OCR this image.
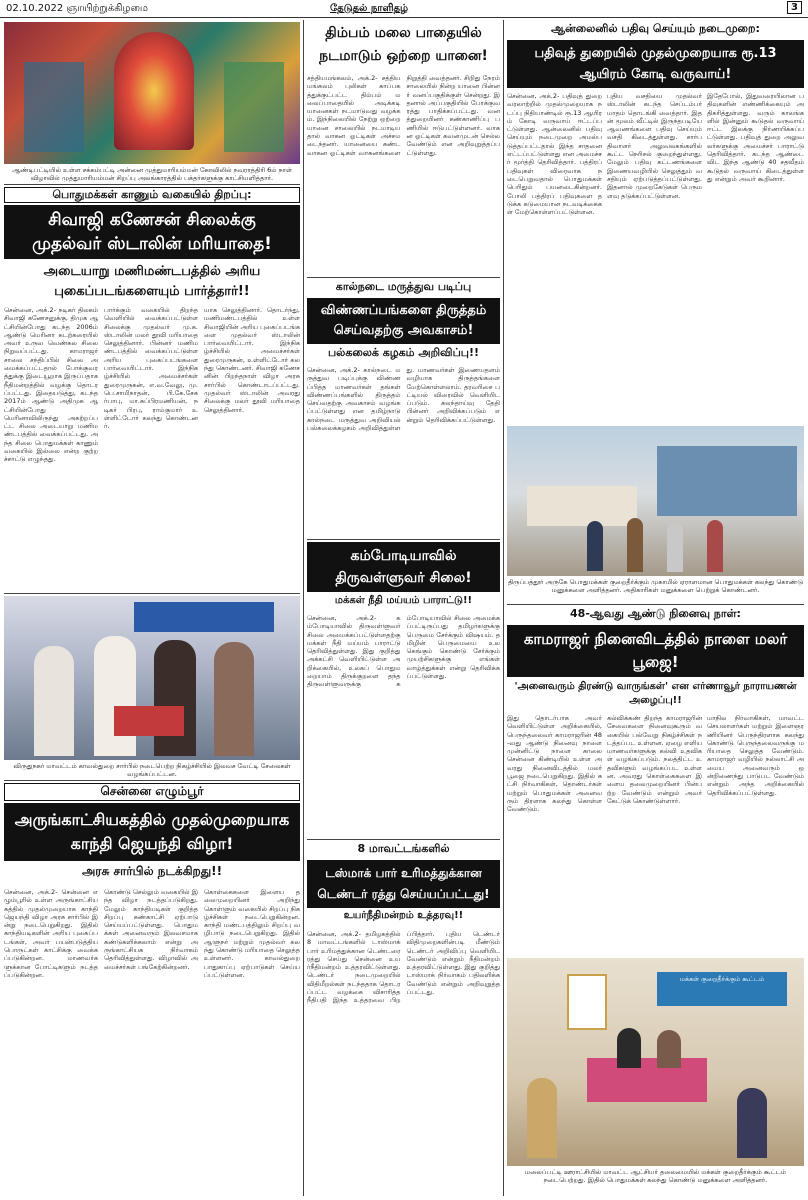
02.10.2022 ஞாயிற்றுக்கிழமை	தேடுதல் நாளிதழ்	3
ஆண்டிபட்டியில் உள்ள சக்கம்பட்டி அன்னை முத்துமாரியம்மன் கோவிலில் நவராத்திரி 6ம் நாள் விழாவில் முத்துமாரியம்மன் சிறப்பு அலங்காரத்தில் பக்தர்களுக்கு காட்சியளித்தார்.
பொதுமக்கள் காணும் வகையில் திறப்பு:
சிவாஜி கணேசன் சிலைக்கு முதல்வர் ஸ்டாலின் மரியாதை!
அடையாறு மணிமண்டபத்தில் அரிய புகைப்படங்களையும் பார்த்தார்!!
சென்னை, அக்.2- நடிகர் திலகம் சிவாஜி கணேசனுக்கு, திமுக ஆட்சியின்போது கடந்த 2006ம் ஆண்டு மெரினா கடற்கரையில் அவர் உருவ வெண்கல சிலை நிறுவப்பட்டது. காமராஜர் சாலை சந்திப்பில் சிலை அமைக்கப்பட்டதால் போக்குவரத்துக்கு இடையூறாக இருப்பதாக நீதிமன்றத்தில் வழக்கு தொடரப்பட்டது. இதையடுத்து, கடந்த 2017ம் ஆண்டு அதிமுக ஆட்சியின்போது மெரினாவிலிருந்து அகற்றப்பட்ட சிலை அடையாறு மணிமண்டபத்தில் வைக்கப்பட்டது. அந்த சிலை பொதுமக்கள் காணும் வகையில் இல்லை என்ற குற்றச்சாட்டு எழுந்தது.
பார்க்கும் வகையில் திறந்த வெளியில் வைக்கப்பட்டுள்ள சிலைக்கு முதல்வர் மு.க.ஸ்டாலின் மலர் தூவி மரியாதை செலுத்தினார். பின்னர் மணிமண்டபத்தில் வைக்கப்பட்டுள்ள அரிய புகைப்படங்களை பார்வையிட்டார். இந்நிகழ்ச்சியில் அமைச்சர்கள் துரைமுருகன், எ.வ.வேலு, மு.பெ.சாமிநாதன், பி.கே.சேகர்பாபு, மா.சுப்பிரமணியன், நடிகர் பிரபு, ராம்குமார் உள்ளிட்டோர் கலந்து கொண்டனர்.
யாக செலுத்தினார். தொடர்ந்து, மணிமண்டபத்தில் உள்ள சிவாஜியின் அரிய புகைப்படங்களை முதல்வர் ஸ்டாலின் பார்வையிட்டார். இந்நிகழ்ச்சியில் அமைச்சர்கள் துரைமுருகன், உள்ளிட்டோர் கலந்து கொண்டனர். சிவாஜி கணேசனின் பிறந்தநாள் விழா அரசு சார்பில் கொண்டாடப்பட்டது. முதல்வர் ஸ்டாலின் அவரது சிலைக்கு மலர் தூவி மரியாதை செலுத்தினார்.
விருதுநகர் மாவட்டம் காவல்துறை சார்பில் நடைபெற்ற நிகழ்ச்சியில் இலவச வேட்டி சேலைகள் வழங்கப்பட்டன.
சென்னை எழும்பூர்
அருங்காட்சியகத்தில் முதல்முறையாக காந்தி ஜெயந்தி விழா!
அரசு சார்பில் நடக்கிறது!!
சென்னை, அக்.2- சென்னை எழும்பூரில் உள்ள அருங்காட்சியகத்தில் முதல்முறையாக காந்தி ஜெயந்தி விழா அரசு சார்பில் இன்று நடைபெறுகிறது. இதில் காந்தியடிகளின் அரிய புகைப்படங்கள், அவர் பயன்படுத்திய பொருட்கள் காட்சிக்கு வைக்கப்படுகின்றன. மாணவர்களுக்கான போட்டிகளும் நடத்தப்படுகின்றன.
கொண்டு செல்லும் வகையில் இந்த விழா நடத்தப்படுகிறது. மேலும் காந்தியடிகள் குறித்த சிறப்பு கண்காட்சி ஏற்பாடு செய்யப்பட்டுள்ளது. பொதுமக்கள் அனைவரும் இலவசமாக கண்டுகளிக்கலாம் என்று அருங்காட்சியக நிர்வாகம் தெரிவித்துள்ளது. விழாவில் அமைச்சர்கள் பங்கேற்கின்றனர்.
கொள்கைகளை இளைய தலைமுறையினர் அறிந்து கொள்ளும் வகையில் சிறப்பு நிகழ்ச்சிகள் நடைபெறுகின்றன. காந்தி மண்டபத்திலும் சிறப்பு வழிபாடு நடைபெறுகிறது. இதில் ஆளுநர் மற்றும் முதல்வர் கலந்து கொண்டு மரியாதை செலுத்த உள்ளனர். காவல்துறை பாதுகாப்பு ஏற்பாடுகள் செய்யப்பட்டுள்ளன.
திம்பம் மலை பாதையில் நடமாடும் ஒற்றை யானை!
சத்தியமங்கலம், அக்.2- சத்தியமங்கலம் புலிகள் காப்பகத்துக்குட்பட்ட திம்பம் மலைப்பாதையில் அடிக்கடி யானைகள் நடமாடுவது வழக்கம். இந்நிலையில் நேற்று ஒற்றை யானை சாலையில் நடமாடியதால் வாகன ஓட்டிகள் அச்சமடைந்தனர். யானையை கண்ட வாகன ஓட்டிகள் வாகனங்களை நிறுத்தி வைத்தனர். சிறிது நேரம் சாலையில் நின்ற யானை பின்னர் வனப்பகுதிக்குள் சென்றது. இதனால் அப்பகுதியில் போக்குவரத்து பாதிக்கப்பட்டது. வனத்துறையினர் கண்காணிப்பு பணியில் ஈடுபட்டுள்ளனர். வாகன ஓட்டிகள் கவனமுடன் செல்ல வேண்டும் என அறிவுறுத்தப்பட்டுள்ளது.
கால்நடை மருத்துவ படிப்பு
விண்ணப்பங்களை திருத்தம் செய்வதற்கு அவகாசம்!
பல்கலைக் கழகம் அறிவிப்பு!!
சென்னை, அக்.2- கால்நடை மருத்துவ படிப்புக்கு விண்ணப்பித்த மாணவர்கள் தங்கள் விண்ணப்பங்களில் திருத்தம் செய்வதற்கு அவகாசம் வழங்கப்பட்டுள்ளது என தமிழ்நாடு கால்நடை மருத்துவ அறிவியல் பல்கலைக்கழகம் அறிவித்துள்ளது. மாணவர்கள் இணையதளம் வழியாக திருத்தங்களை மேற்கொள்ளலாம். தரவரிசை பட்டியல் விரைவில் வெளியிடப்படும். கலந்தாய்வு தேதி பின்னர் அறிவிக்கப்படும் என்றும் தெரிவிக்கப்பட்டுள்ளது.
கம்போடியாவில் திருவள்ளுவர் சிலை!
மக்கள் நீதி மய்யம் பாராட்டு!!
சென்னை, அக்.2- கம்போடியாவில் திருவள்ளுவர் சிலை அமைக்கப்பட்டுள்ளதற்கு மக்கள் நீதி மய்யம் பாராட்டு தெரிவித்துள்ளது. இது குறித்து அக்கட்சி வெளியிட்டுள்ள அறிக்கையில், உலகப் பொதுமறையாம் திருக்குறளை தந்த திருவள்ளுவருக்கு கம்போடியாவில் சிலை அமைக்கப்பட்டிருப்பது தமிழர்களுக்கு பெருமை சேர்க்கும் விஷயம். தமிழின் பெருமையை உலகெங்கும் கொண்டு சேர்க்கும் முயற்சிகளுக்கு எங்கள் வாழ்த்துக்கள் என்று தெரிவிக்கப்பட்டுள்ளது.
8 மாவட்டங்களில்
டஸ்மாக் பார் உரிமத்துக்கான டெண்டர் ரத்து செய்யப்பட்டது!
உயர்நீதிமன்றம் உத்தரவு!!
சென்னை, அக்.2- தமிழகத்தில் 8 மாவட்டங்களில் டாஸ்மாக் பார் உரிமத்துக்கான டெண்டரை ரத்து செய்து சென்னை உயர்நீதிமன்றம் உத்தரவிட்டுள்ளது. டெண்டர் நடைமுறையில் விதிமீறல்கள் நடந்ததாக தொடரப்பட்ட வழக்கை விசாரித்த நீதிபதி இந்த உத்தரவை பிறப்பித்தார். புதிய டெண்டர் விதிமுறைகளின்படி மீண்டும் டெண்டர் அறிவிப்பு வெளியிட வேண்டும் என்றும் நீதிமன்றம் உத்தரவிட்டுள்ளது. இது குறித்து டாஸ்மாக் நிர்வாகம் பதிலளிக்க வேண்டும் என்றும் அறிவுறுத்தப்பட்டது.
ஆன்லைனில் பதிவு செய்யும் நடைமுறை:
பதிவுத் துறையில் முதல்முறையாக ரூ.13 ஆயிரம் கோடி வருவாய்!
சென்னை, அக்.2- பதிவுத் துறை வரலாற்றில் முதல்முறையாக நடப்பு நிதியாண்டில் ரூ.13 ஆயிரம் கோடி வருவாய் ஈட்டப்பட்டுள்ளது. ஆன்லைனில் பதிவு செய்யும் நடைமுறை அமல்படுத்தப்பட்டதால் இந்த சாதனை எட்டப்பட்டுள்ளது என அமைச்சர் மூர்த்தி தெரிவித்தார். பத்திரப் பதிவுகள் விரைவாக நடைபெறுவதால் பொதுமக்கள் பெரிதும் பயனடைகின்றனர். போலி பத்திரப் பதிவுகளை தடுக்க கடுமையான நடவடிக்கைகள் மேற்கொள்ளப்பட்டுள்ளன.
புதிய வசதியை முதல்வர் ஸ்டாலின் கடந்த செப்டம்பர் மாதம் தொடங்கி வைத்தார். இதன் மூலம் வீட்டில் இருந்தபடியே ஆவணங்களை பதிவு செய்யும் வசதி கிடைத்துள்ளது. சார்பதிவாளர் அலுவலகங்களில் கூட்ட நெரிசல் குறைந்துள்ளது. மேலும் பதிவு கட்டணங்களை இணையவழியில் செலுத்தும் வசதியும் ஏற்படுத்தப்பட்டுள்ளது. இதனால் முறைகேடுகள் பெருமளவு தடுக்கப்பட்டுள்ளன.
இதேபோல், இதுவரையிலான பதிவுகளின் எண்ணிக்கையும் அதிகரித்துள்ளது. வரும் காலங்களில் இன்னும் கூடுதல் வருவாய் ஈட்ட இலக்கு நிர்ணயிக்கப்பட்டுள்ளது. பதிவுத் துறை அலுவலர்களுக்கு அமைச்சர் பாராட்டு தெரிவித்தார். கடந்த ஆண்டை விட இந்த ஆண்டு 40 சதவீதம் கூடுதல் வருவாய் கிடைத்துள்ளது என்றும் அவர் கூறினார்.
திருப்பத்தூர் அருகே பொதுமக்கள் குறைதீர்க்கும் முகாமில் ஏராளமான பொதுமக்கள் கலந்து கொண்டு மனுக்களை அளித்தனர். அதிகாரிகள் மனுக்களை பெற்றுக் கொண்டனர்.
48-ஆவது ஆண்டு நினைவு நாள்:
காமராஜர் நினைவிடத்தில் நாளை மலர் பூஜை!
'அனைவரும் திரண்டு வாருங்கள்' என எர்ணாவூர் நாராயணன் அழைப்பு!!
இது தொடர்பாக அவர் வெளியிட்டுள்ள அறிக்கையில், பெருந்தலைவர் காமராஜரின் 48-வது ஆண்டு நினைவு நாளை முன்னிட்டு நாளை காலை சென்னை கிண்டியில் உள்ள அவரது நினைவிடத்தில் மலர் பூஜை நடைபெறுகிறது. இதில் கட்சி நிர்வாகிகள், தொண்டர்கள் மற்றும் பொதுமக்கள் அனைவரும் திரளாக கலந்து கொள்ள வேண்டும்.
கல்விக்கண் திறந்த காமராஜரின் சேவைகளை நினைவுகூரும் வகையில் பல்வேறு நிகழ்ச்சிகள் நடத்தப்பட உள்ளன. ஏழை எளிய மாணவர்களுக்கு கல்வி உதவிகள் வழங்கப்படும். நலத்திட்ட உதவிகளும் வழங்கப்பட உள்ளன. அவரது கொள்கைகளை இளைய தலைமுறையினர் பின்பற்ற வேண்டும் என்றும் அவர் கேட்டுக் கொண்டுள்ளார்.
மாநில நிர்வாகிகள், மாவட்ட செயலாளர்கள் மற்றும் இளைஞரணியினர் பெருந்திரளாக கலந்து கொண்டு பெருந்தலைவருக்கு மரியாதை செலுத்த வேண்டும். காமராஜர் வழியில் நல்லாட்சி அமைய அனைவரும் ஒன்றிணைந்து பாடுபட வேண்டும் என்றும் அந்த அறிக்கையில் தெரிவிக்கப்பட்டுள்ளது.
மக்கள் குறைதீர்க்கும் கூட்டம்
மலைப்பட்டி ஊராட்சியில் மாவட்ட ஆட்சியர் தலைமையில் மக்கள் குறைதீர்க்கும் கூட்டம் நடைபெற்றது. இதில் பொதுமக்கள் கலந்து கொண்டு மனுக்களை அளித்தனர்.
